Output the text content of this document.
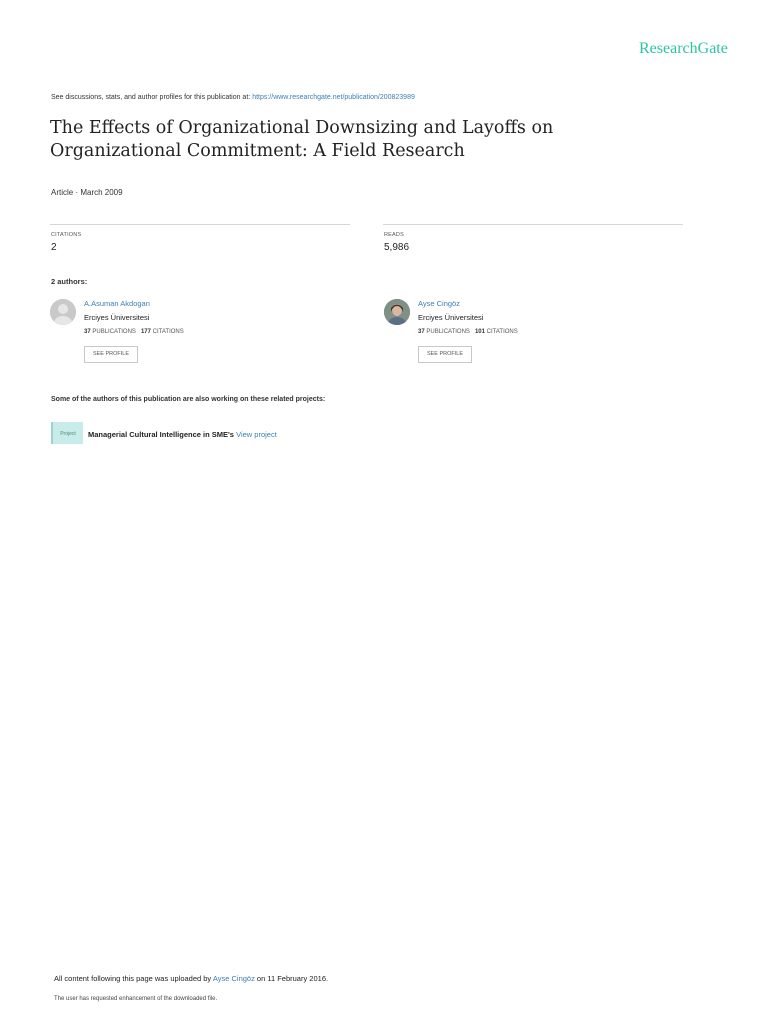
ResearchGate
See discussions, stats, and author profiles for this publication at: https://www.researchgate.net/publication/200823989
The Effects of Organizational Downsizing and Layoffs on Organizational Commitment: A Field Research
Article · March 2009
CITATIONS
2
READS
5,986
2 authors:
A.Asuman Akdogan
Erciyes Üniversitesi
37 PUBLICATIONS 177 CITATIONS
SEE PROFILE
Ayse Cingöz
Erciyes Üniversitesi
37 PUBLICATIONS 101 CITATIONS
SEE PROFILE
Some of the authors of this publication are also working on these related projects:
Project	Managerial Cultural Intelligence in SME's View project
All content following this page was uploaded by Ayse Cingöz on 11 February 2016.
The user has requested enhancement of the downloaded file.
